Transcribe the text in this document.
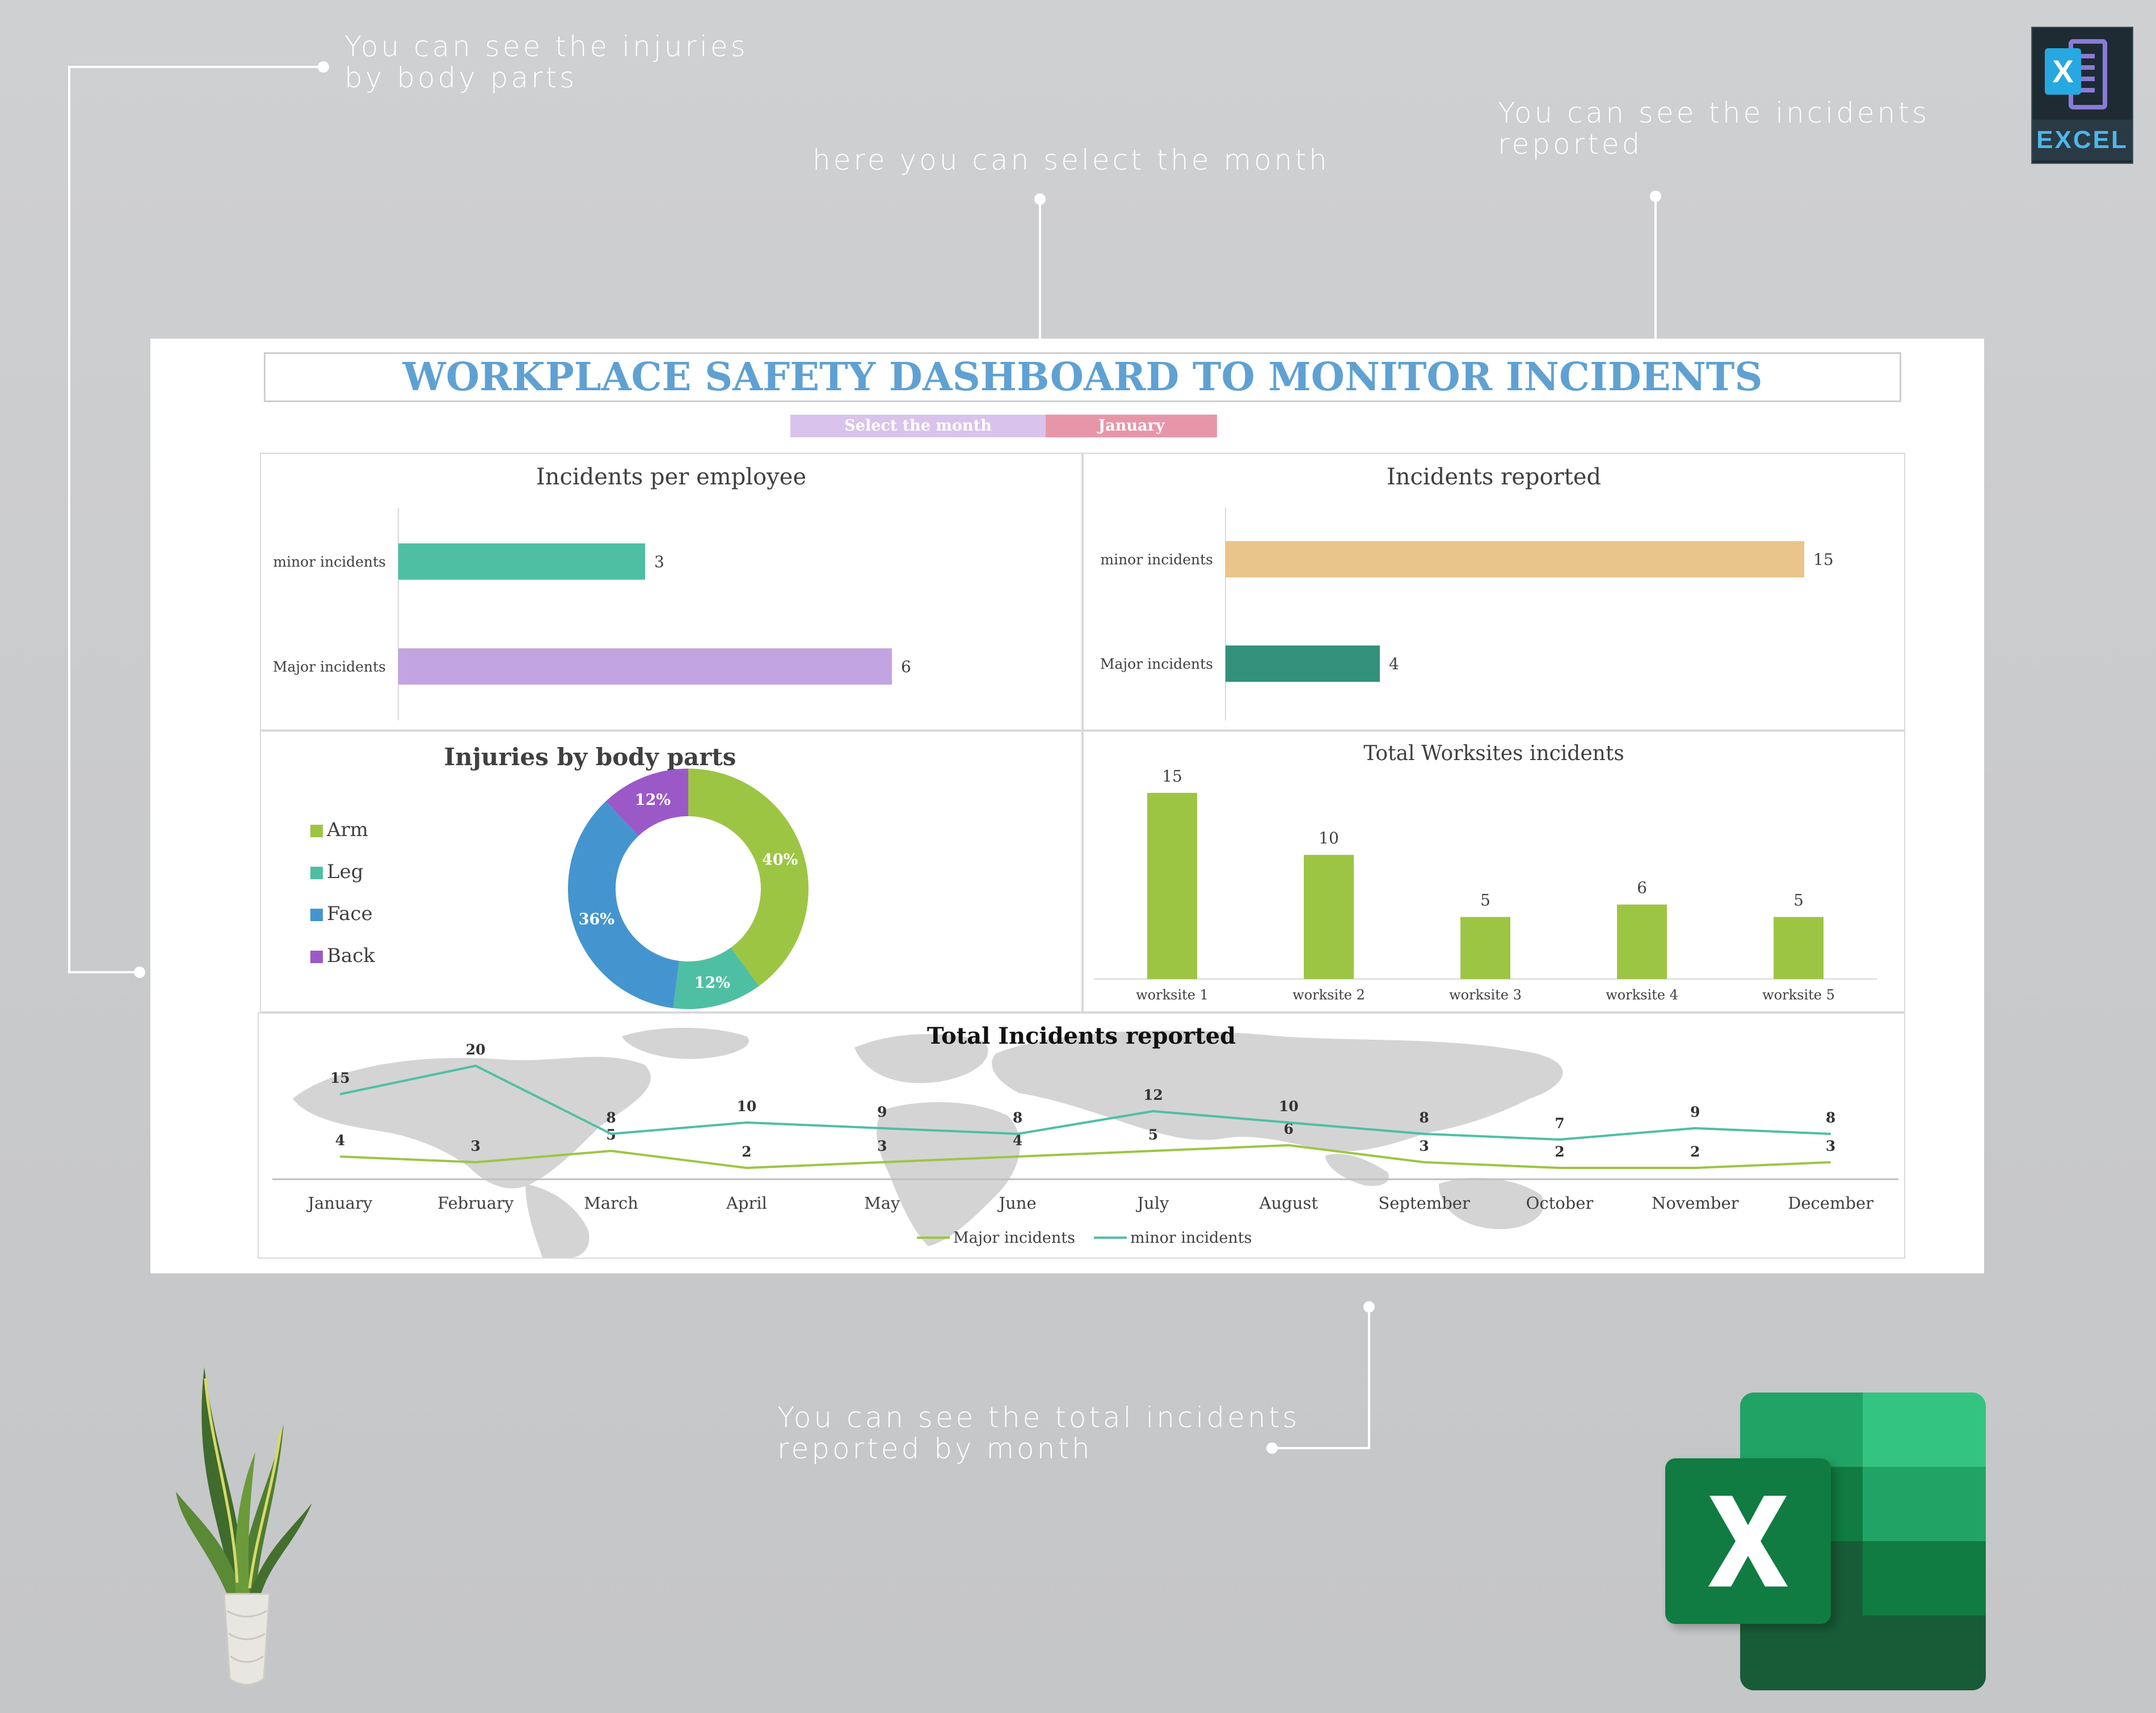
You can see the injuries
by body parts
here you can select the month
You can see the incidents
reported
You can see the total incidents
reported by month
X
EXCEL
WORKPLACE SAFETY DASHBOARD TO MONITOR INCIDENTS
Select the month	January
Incidents per employee
minor incidents	3
Major incidents	6
Incidents reported
minor incidents	15
Major incidents	4
Injuries by body parts
Arm
Leg
Face
Back
40%
12%
36%
12%
Total Worksites incidents
15
worksite 1
10
worksite 2
5
worksite 3
6
worksite 4
5
worksite 5
Total Incidents reported
January	February	March	April	May	June	July	August	September	October	November	December
4	3
5
2	3	4	5	6
3	2	2	3
15
20
8
10	9	8
12
10
8	7
9	8
Major incidents	minor incidents
